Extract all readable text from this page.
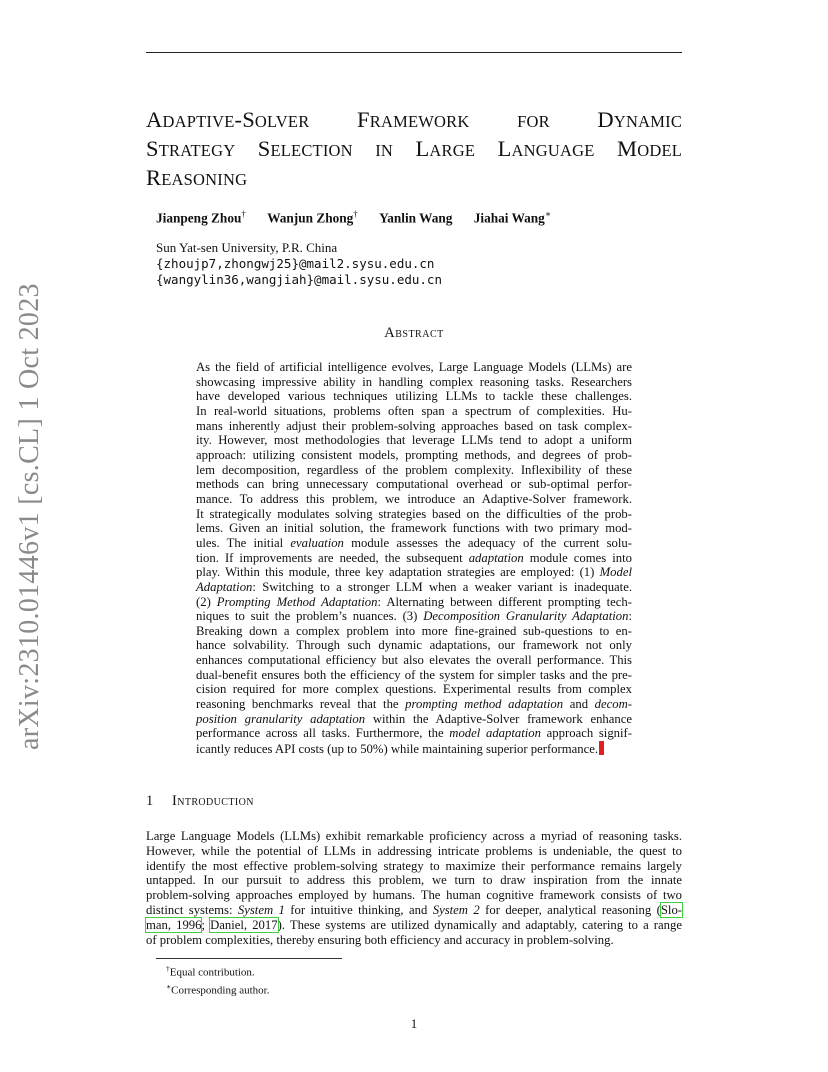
arXiv:2310.01446v1 [cs.CL] 1 Oct 2023
ADAPTIVE-SOLVER FRAMEWORK	FOR DYNAMIC
STRATEGY SELECTION IN LARGE LANGUAGE MODEL
REASONING
Jianpeng Zhou† Wanjun Zhong† Yanlin Wang Jiahai Wang∗
Sun Yat-sen University, P.R. China
{zhoujp7,zhongwj25}@mail2.sysu.edu.cn
{wangylin36,wangjiah}@mail.sysu.edu.cn
Abstract
As the field of artificial intelligence evolves, Large Language Models (LLMs) are
showcasing impressive ability in handling complex reasoning tasks. Researchers
have developed various techniques utilizing LLMs to tackle these challenges.
In real-world situations, problems often span a spectrum of complexities. Hu-
mans inherently adjust their problem-solving approaches based on task complex-
ity. However, most methodologies that leverage LLMs tend to adopt a uniform
approach: utilizing consistent models, prompting methods, and degrees of prob-
lem decomposition, regardless of the problem complexity. Inflexibility of these
methods can bring unnecessary computational overhead or sub-optimal perfor-
mance. To address this problem, we introduce an Adaptive-Solver framework.
It strategically modulates solving strategies based on the difficulties of the prob-
lems. Given an initial solution, the framework functions with two primary mod-
ules. The initial evaluation module assesses the adequacy of the current solu-
tion. If improvements are needed, the subsequent adaptation module comes into
play. Within this module, three key adaptation strategies are employed: (1) Model
Adaptation: Switching to a stronger LLM when a weaker variant is inadequate.
(2) Prompting Method Adaptation: Alternating between different prompting tech-
niques to suit the problem’s nuances. (3) Decomposition Granularity Adaptation:
Breaking down a complex problem into more fine-grained sub-questions to en-
hance solvability. Through such dynamic adaptations, our framework not only
enhances computational efficiency but also elevates the overall performance. This
dual-benefit ensures both the efficiency of the system for simpler tasks and the pre-
cision required for more complex questions. Experimental results from complex
reasoning benchmarks reveal that the prompting method adaptation and decom-
position granularity adaptation within the Adaptive-Solver framework enhance
performance across all tasks. Furthermore, the model adaptation approach signif-
icantly reduces API costs (up to 50%) while maintaining superior performance.
1 Introduction
Large Language Models (LLMs) exhibit remarkable proficiency across a myriad of reasoning tasks.
However, while the potential of LLMs in addressing intricate problems is undeniable, the quest to
identify the most effective problem-solving strategy to maximize their performance remains largely
untapped. In our pursuit to address this problem, we turn to draw inspiration from the innate
problem-solving approaches employed by humans. The human cognitive framework consists of two
distinct systems: System 1 for intuitive thinking, and System 2 for deeper, analytical reasoning (Slo-
man, 1996; Daniel, 2017). These systems are utilized dynamically and adaptably, catering to a range
of problem complexities, thereby ensuring both efficiency and accuracy in problem-solving.
†Equal contribution.
∗Corresponding author.
1
